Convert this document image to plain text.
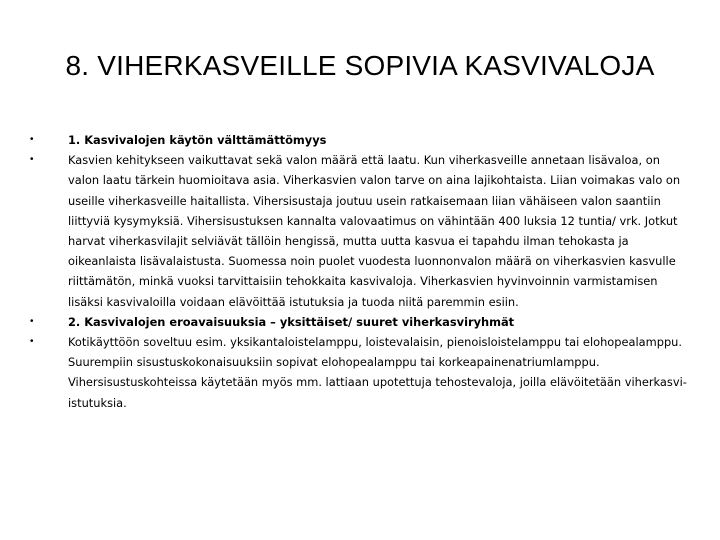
8. VIHERKASVEILLE SOPIVIA KASVIVALOJA
•	1. Kasvivalojen käytön välttämättömyys
•	Kasvien kehitykseen vaikuttavat sekä valon määrä että laatu. Kun viherkasveille annetaan lisävaloa, on valon laatu tärkein huomioitava asia. Viherkasvien valon tarve on aina lajikohtaista. Liian voimakas valo on useille viherkasveille haitallista. Vihersisustaja joutuu usein ratkaisemaan liian vähäiseen valon saantiin liittyviä kysymyksiä. Vihersisustuksen kannalta valovaatimus on vähintään 400 luksia 12 tuntia/ vrk. Jotkut harvat viherkasvilajit selviävät tällöin hengissä, mutta uutta kasvua ei tapahdu ilman tehokasta ja oikeanlaista lisävalaistusta. Suomessa noin puolet vuodesta luonnonvalon määrä on viherkasvien kasvulle riittämätön, minkä vuoksi tarvittaisiin tehokkaita kasvivaloja. Viherkasvien hyvinvoinnin varmistamisen lisäksi kasvivaloilla voidaan elävöittää istutuksia ja tuoda niitä paremmin esiin.
•	2. Kasvivalojen eroavaisuuksia – yksittäiset/ suuret viherkasviryhmät
•	Kotikäyttöön soveltuu esim. yksikantaloistelamppu, loistevalaisin, pienoisloistelamppu tai elohopealamppu. Suurempiin sisustuskokonaisuuksiin sopivat elohopealamppu tai korkeapainenatriumlamppu. Vihersisustuskohteissa käytetään myös mm. lattiaan upotettuja tehostevaloja, joilla elävöitetään viherkasvi-istutuksia.
